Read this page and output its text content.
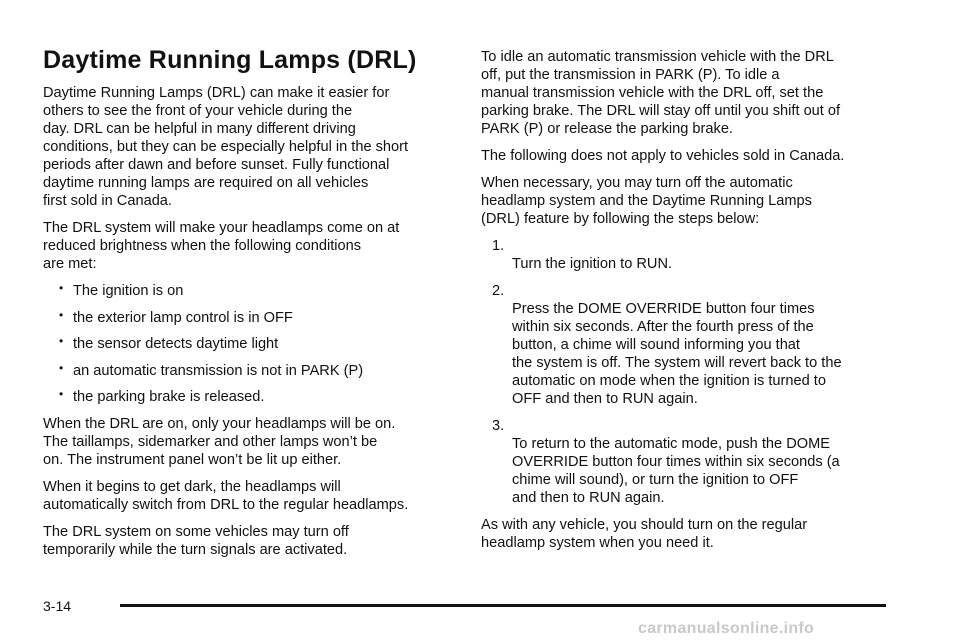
Daytime Running Lamps (DRL)

Daytime Running Lamps (DRL) can make it easier for
others to see the front of your vehicle during the
day. DRL can be helpful in many different driving
conditions, but they can be especially helpful in the short
periods after dawn and before sunset. Fully functional
daytime running lamps are required on all vehicles
first sold in Canada.

The DRL system will make your headlamps come on at
reduced brightness when the following conditions
are met:

• The ignition is on
• the exterior lamp control is in OFF
• the sensor detects daytime light
• an automatic transmission is not in PARK (P)
• the parking brake is released.

When the DRL are on, only your headlamps will be on.
The taillamps, sidemarker and other lamps won’t be
on. The instrument panel won’t be lit up either.

When it begins to get dark, the headlamps will
automatically switch from DRL to the regular headlamps.

The DRL system on some vehicles may turn off
temporarily while the turn signals are activated.

To idle an automatic transmission vehicle with the DRL
off, put the transmission in PARK (P). To idle a
manual transmission vehicle with the DRL off, set the
parking brake. The DRL will stay off until you shift out of
PARK (P) or release the parking brake.

The following does not apply to vehicles sold in Canada.

When necessary, you may turn off the automatic
headlamp system and the Daytime Running Lamps
(DRL) feature by following the steps below:

1.
Turn the ignition to RUN.

2.
Press the DOME OVERRIDE button four times
within six seconds. After the fourth press of the
button, a chime will sound informing you that
the system is off. The system will revert back to the
automatic on mode when the ignition is turned to
OFF and then to RUN again.

3.
To return to the automatic mode, push the DOME
OVERRIDE button four times within six seconds (a
chime will sound), or turn the ignition to OFF
and then to RUN again.

As with any vehicle, you should turn on the regular
headlamp system when you need it.

3-14
carmanualsonline.info
